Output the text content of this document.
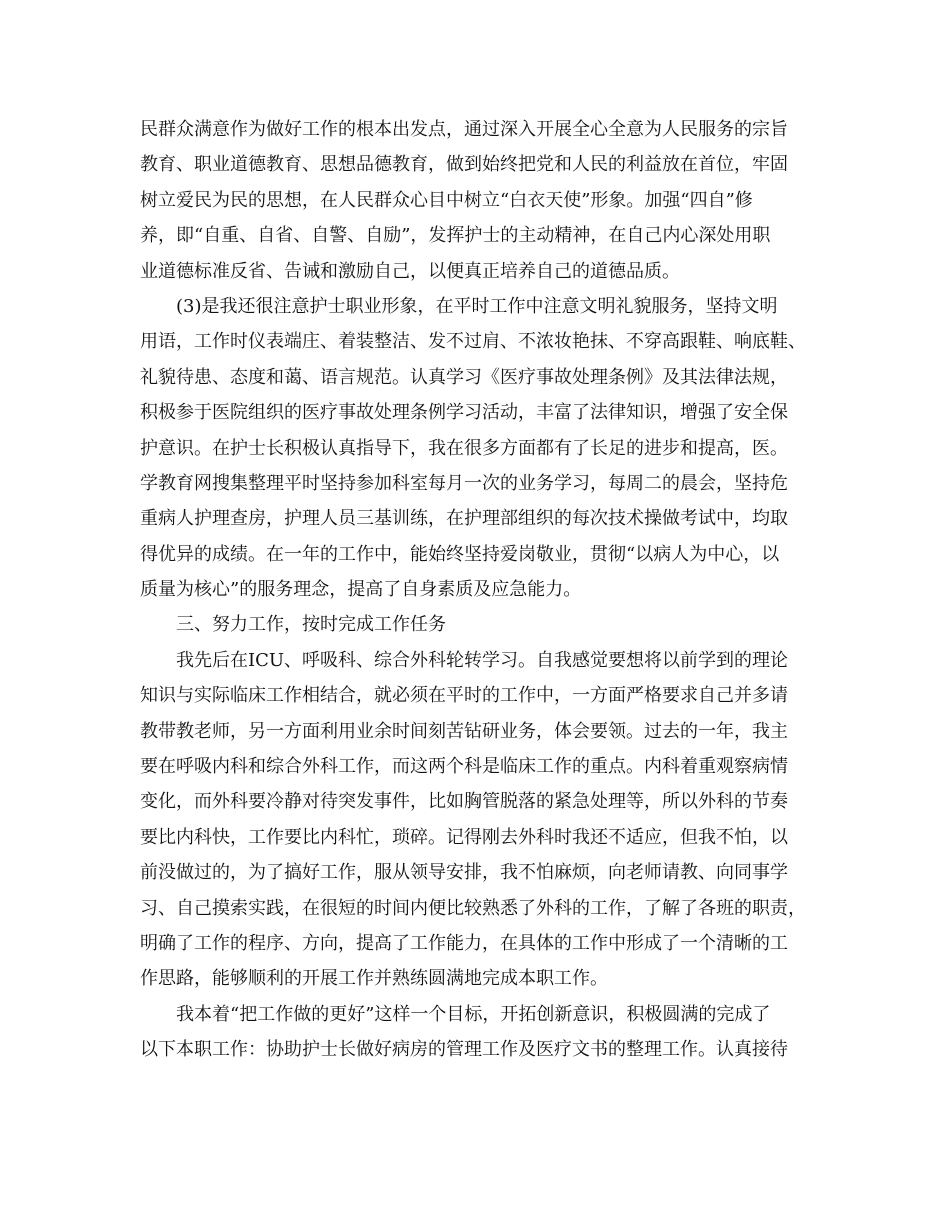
民群众满意作为做好工作的根本出发点，通过深入开展全心全意为人民服务的宗旨
教育、职业道德教育、思想品德教育，做到始终把党和人民的利益放在首位，牢固
树立爱民为民的思想，在人民群众心目中树立“白衣天使”形象。加强“四自”修
养，即“自重、自省、自警、自励”，发挥护士的主动精神，在自己内心深处用职
业道德标准反省、告诫和激励自己，以便真正培养自己的道德品质。
(3)是我还很注意护士职业形象，在平时工作中注意文明礼貌服务，坚持文明
用语，工作时仪表端庄、着装整洁、发不过肩、不浓妆艳抹、不穿高跟鞋、响底鞋、
礼貌待患、态度和蔼、语言规范。认真学习《医疗事故处理条例》及其法律法规，
积极参于医院组织的医疗事故处理条例学习活动，丰富了法律知识，增强了安全保
护意识。在护士长积极认真指导下，我在很多方面都有了长足的进步和提高，医。
学教育网搜集整理平时坚持参加科室每月一次的业务学习，每周二的晨会，坚持危
重病人护理查房，护理人员三基训练，在护理部组织的每次技术操做考试中，均取
得优异的成绩。在一年的工作中，能始终坚持爱岗敬业，贯彻“以病人为中心，以
质量为核心”的服务理念，提高了自身素质及应急能力。
三、努力工作，按时完成工作任务
我先后在ICU、呼吸科、综合外科轮转学习。自我感觉要想将以前学到的理论
知识与实际临床工作相结合，就必须在平时的工作中，一方面严格要求自己并多请
教带教老师，另一方面利用业余时间刻苦钻研业务，体会要领。过去的一年，我主
要在呼吸内科和综合外科工作，而这两个科是临床工作的重点。内科着重观察病情
变化，而外科要冷静对待突发事件，比如胸管脱落的紧急处理等，所以外科的节奏
要比内科快，工作要比内科忙，琐碎。记得刚去外科时我还不适应，但我不怕，以
前没做过的，为了搞好工作，服从领导安排，我不怕麻烦，向老师请教、向同事学
习、自己摸索实践，在很短的时间内便比较熟悉了外科的工作，了解了各班的职责，
明确了工作的程序、方向，提高了工作能力，在具体的工作中形成了一个清晰的工
作思路，能够顺利的开展工作并熟练圆满地完成本职工作。
我本着“把工作做的更好”这样一个目标，开拓创新意识，积极圆满的完成了
以下本职工作：协助护士长做好病房的管理工作及医疗文书的整理工作。认真接待
